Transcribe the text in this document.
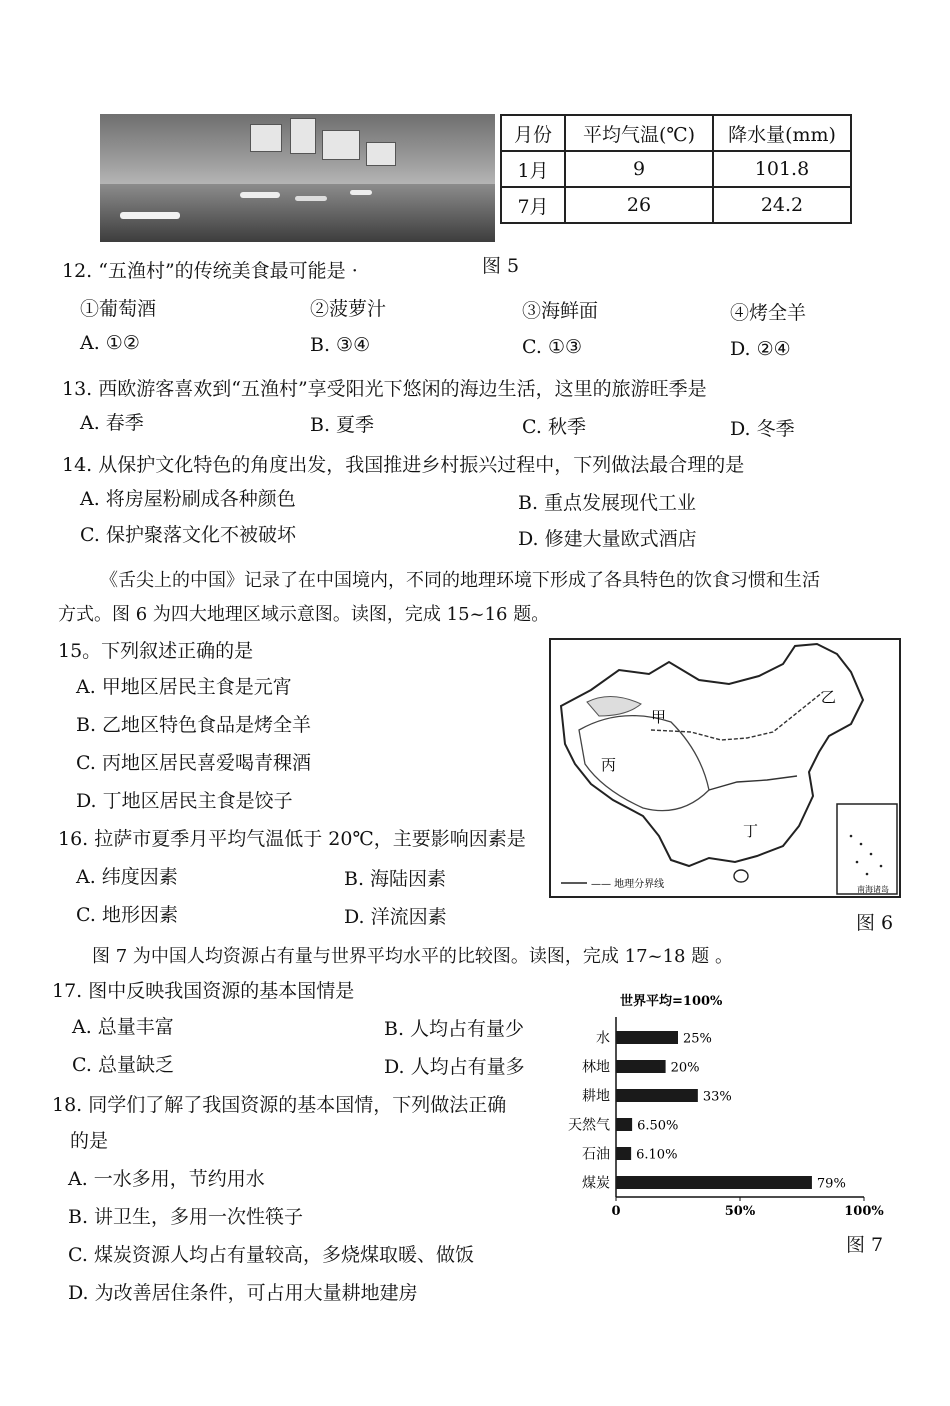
月份	平均气温(℃)	降水量(mm)
1月	9	101.8
7月	26	24.2
12. “五渔村”的传统美食最可能是 ·	图 5
①葡萄酒	②菠萝汁	③海鲜面	④烤全羊
A. ①②	B. ③④	C. ①③	D. ②④
13. 西欧游客喜欢到“五渔村”享受阳光下悠闲的海边生活，这里的旅游旺季是
A. 春季	B. 夏季	C. 秋季	D. 冬季
14. 从保护文化特色的角度出发，我国推进乡村振兴过程中，下列做法最合理的是
A. 将房屋粉刷成各种颜色	B. 重点发展现代工业
C. 保护聚落文化不被破坏	D. 修建大量欧式酒店
《舌尖上的中国》记录了在中国境内，不同的地理环境下形成了各具特色的饮食习惯和生活
方式。图 6 为四大地理区域示意图。读图，完成 15~16 题。
15。下列叙述正确的是
A. 甲地区居民主食是元宵
B. 乙地区特色食品是烤全羊
C. 丙地区居民喜爱喝青稞酒
D. 丁地区居民主食是饺子
16. 拉萨市夏季月平均气温低于 20℃，主要影响因素是
A. 纬度因素	B. 海陆因素
C. 地形因素	D. 洋流因素
—— 地理分界线	南海诸岛
甲
乙
丙
丁
图 6
图 7 为中国人均资源占有量与世界平均水平的比较图。读图，完成 17~18 题 。
17. 图中反映我国资源的基本国情是
A. 总量丰富	B. 人均占有量少
C. 总量缺乏	D. 人均占有量多
18. 同学们了解了我国资源的基本国情，下列做法正确
的是
A. 一水多用，节约用水
B. 讲卫生，多用一次性筷子
C. 煤炭资源人均占有量较高，多烧煤取暖、做饭
D. 为改善居住条件，可占用大量耕地建房
世界平均=100%
水	25%
林地	20%
耕地	33%
天然气 6.50%
石油 6.10%
煤炭	79%
0	50%	100%
图 7
